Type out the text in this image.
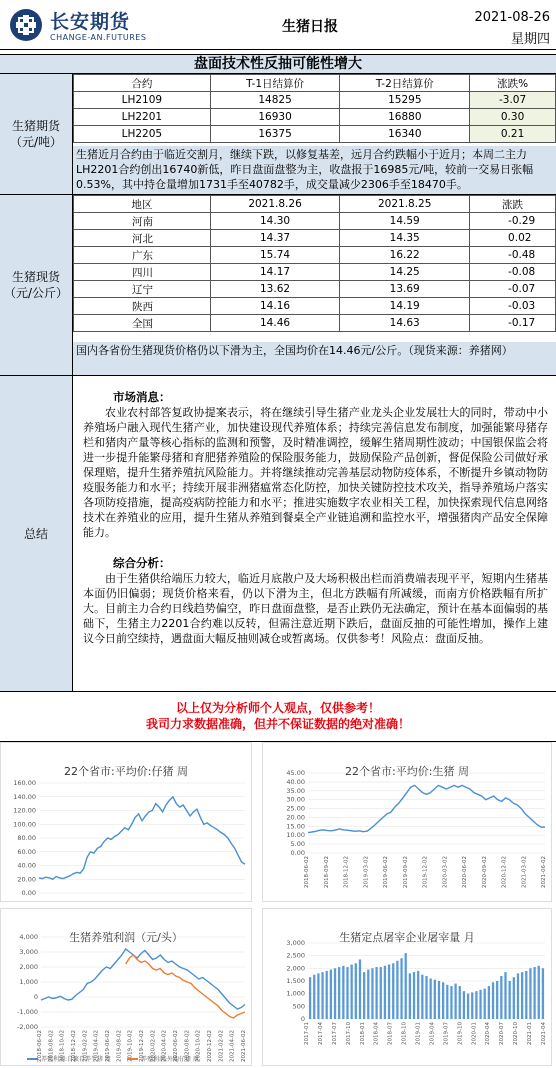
长安期货
CHANGE-AN.FUTURES
生猪日报
2021-08-26
星期四
盘面技术性反抽可能性增大
生猪期货
（元/吨）
合约	T-1日结算价	T-2日结算价	涨跌%
LH2109	14825	15295	-3.07
LH2201	16930	16880	0.30
LH2205	16375	16340	0.21
生猪近月合约由于临近交割月，继续下跌，以修复基差，远月合约跌幅小于近月；本周二主力LH2201合约创出16740新低，昨日盘面盘整为主，收盘报于16985元/吨，较前一交易日张幅0.53%，其中持仓量增加1731手至40782手，成交量减少2306手至18470手。
生猪现货
（元/公斤）
地区	2021.8.26	2021.8.25	涨跌
河南	14.30	14.59	-0.29
河北	14.37	14.35	0.02
广东	15.74	16.22	-0.48
四川	14.17	14.25	-0.08
辽宁	13.62	13.69	-0.07
陕西	14.16	14.19	-0.03
全国	14.46	14.63	-0.17
国内各省份生猪现货价格仍以下滑为主，全国均价在14.46元/公斤。（现货来源：养猪网）
总结
市场消息：

农业农村部答复政协提案表示，将在继续引导生猪产业龙头企业发展壮大的同时，带动中小养殖场户融入现代生猪产业，加快建设现代养殖体系；持续完善信息发布制度，加强能繁母猪存栏和猪肉产量等核心指标的监测和预警，及时精准调控，缓解生猪周期性波动；中国银保监会将进一步提升能繁母猪和育肥猪养殖险的保险服务能力，鼓励保险产品创新，督促保险公司做好承保理赔，提升生猪养殖抗风险能力。并将继续推动完善基层动物防疫体系，不断提升乡镇动物防疫服务能力和水平；持续开展非洲猪瘟常态化防控，加快关键防控技术攻关，指导养殖场户落实各项防疫措施，提高疫病防控能力和水平；推进实施数字农业相关工程，加快探索现代信息网络技术在养殖业的应用，提升生猪从养殖到餐桌全产业链追溯和监控水平，增强猪肉产品安全保障能力。

综合分析：

由于生猪供给端压力较大，临近月底散户及大场积极出栏而消费端表现平平，短期内生猪基本面仍旧偏弱；现货价格来看，仍以下滑为主，但北方跌幅有所减缓，而南方价格跌幅有所扩大。目前主力合约日线趋势偏空，昨日盘面盘整，是否止跌仍无法确定，预计在基本面偏弱的基础下，生猪主力2201合约难以反转，但需注意近期下跌后，盘面反抽的可能性增加，操作上建议今日前空续持，遇盘面大幅反抽则减仓或暂离场。仅供参考！风险点：盘面反抽。

以上仅为分析师个人观点，仅供参考！
我司力求数据准确，但并不保证数据的绝对准确！
22个省市:平均价:仔猪 周
160.00
140.00
120.00
100.00
80.00
60.00
40.00
20.00
0.00
22个省市:平均价:生猪 周
45.00
40.00
35.00
30.00
25.00
20.00
15.00
10.00
5.00
0.00
2018-06-02	2018-09-02	2018-12-02	2019-03-02	2019-06-02	2019-09-02	2019-12-02	2020-03-02	2020-06-02	2020-09-02	2020-12-02	2021-03-02	2021-06-02
生猪养殖利润（元/头）
4,000
3,000
2,000
1,000
0
-1,000
-2,000
2018-06-02 2018-08-02 2018-10-02 2018-12-02 2019-02-02 2019-04-02 2019-06-02 2019-08-02 2019-10-02 2019-12-02 2020-02-02 2020-04-02 2020-06-02 2020-08-02 2020-10-02 2020-12-02 2021-02-02 2021-04-02 2021-06-02
养殖利润:自繁自养生猪 周	养殖利润:外购仔猪 周
生猪定点屠宰企业屠宰量 月
3,000
2,500
2,000
1,500
1,000
500
0
2017-01 2017-04 2017-07 2017-10 2018-01 2018-04 2018-07 2018-10 2019-01 2019-04 2019-07 2019-10 2020-01 2020-04 2020-07 2020-10 2021-01 2021-04
